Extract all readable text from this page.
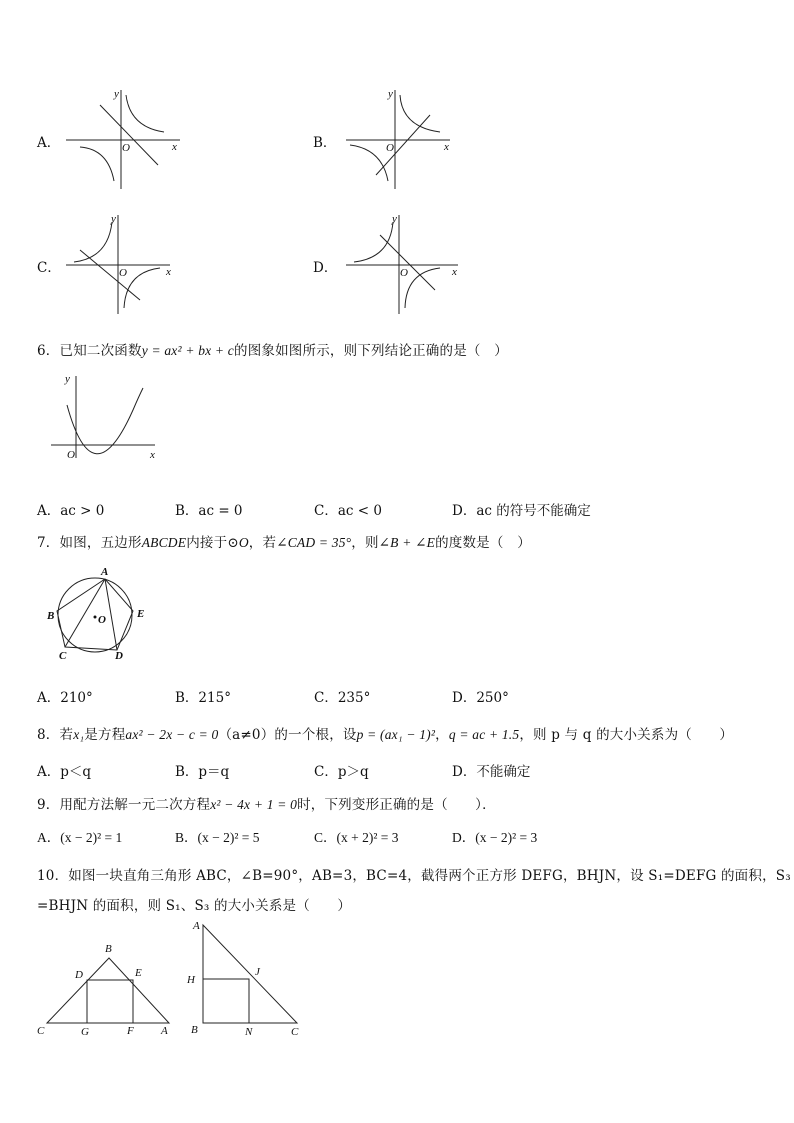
A．
y
x
O	B．
y
x
O
C．
y
x
O	D．
y
x
O
6．已知二次函数y = ax² + bx + c的图象如图所示，则下列结论正确的是（　）
y
x
O
A．ac > 0	B．ac = 0	C．ac < 0	D．ac 的符号不能确定
7．如图，五边形ABCDE内接于⊙O，若∠CAD = 35°，则∠B + ∠E的度数是（　）
A
B	E
O
C	D
A．210°	B．215°	C．235°	D．250°
8．若x₁是方程ax² − 2x − c = 0（a≠0）的一个根，设p = (ax₁ − 1)²，q = ac + 1.5，则 p 与 q 的大小关系为（　　）
A．p＜q	B．p＝q	C．p＞q	D．不能确定
9．用配方法解一元二次方程x² − 4x + 1 = 0时，下列变形正确的是（　　）．
A．(x − 2)² = 1	B．(x − 2)² = 5	C．(x + 2)² = 3	D．(x − 2)² = 3
10．如图一块直角三角形 ABC，∠B=90°，AB=3，BC=4，截得两个正方形 DEFG，BHJN，设 S₁=DEFG 的面积，S₃
=BHJN 的面积，则 S₁、S₃ 的大小关系是（　　）
B
D	E
C	G	F A
A
H
J
B	N	C
